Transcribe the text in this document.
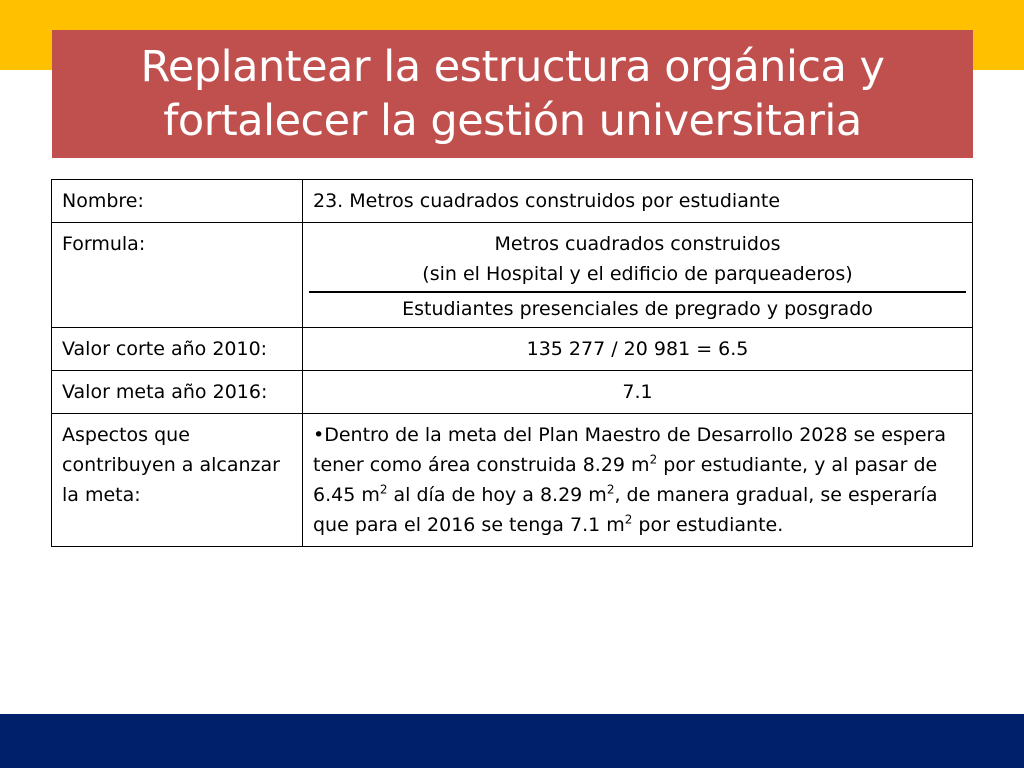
Replantear la estructura orgánica y
fortalecer la gestión universitaria
Nombre:	23. Metros cuadrados construidos por estudiante
Formula:	Metros cuadrados construidos
(sin el Hospital y el edificio de parqueaderos)
Estudiantes presenciales de pregrado y posgrado

Valor corte año 2010:	135 277 / 20 981 = 6.5
Valor meta año 2016:	7.1
Aspectos que contribuyen a alcanzar la meta:	•Dentro de la meta del Plan Maestro de Desarrollo 2028 se espera tener como área construida 8.29 $m^2$ por estudiante, y al pasar de 6.45 $m^2$ al día de hoy a 8.29 $m^2$, de manera gradual, se esperaría que para el 2016 se tenga 7.1 $m^2$ por estudiante.
